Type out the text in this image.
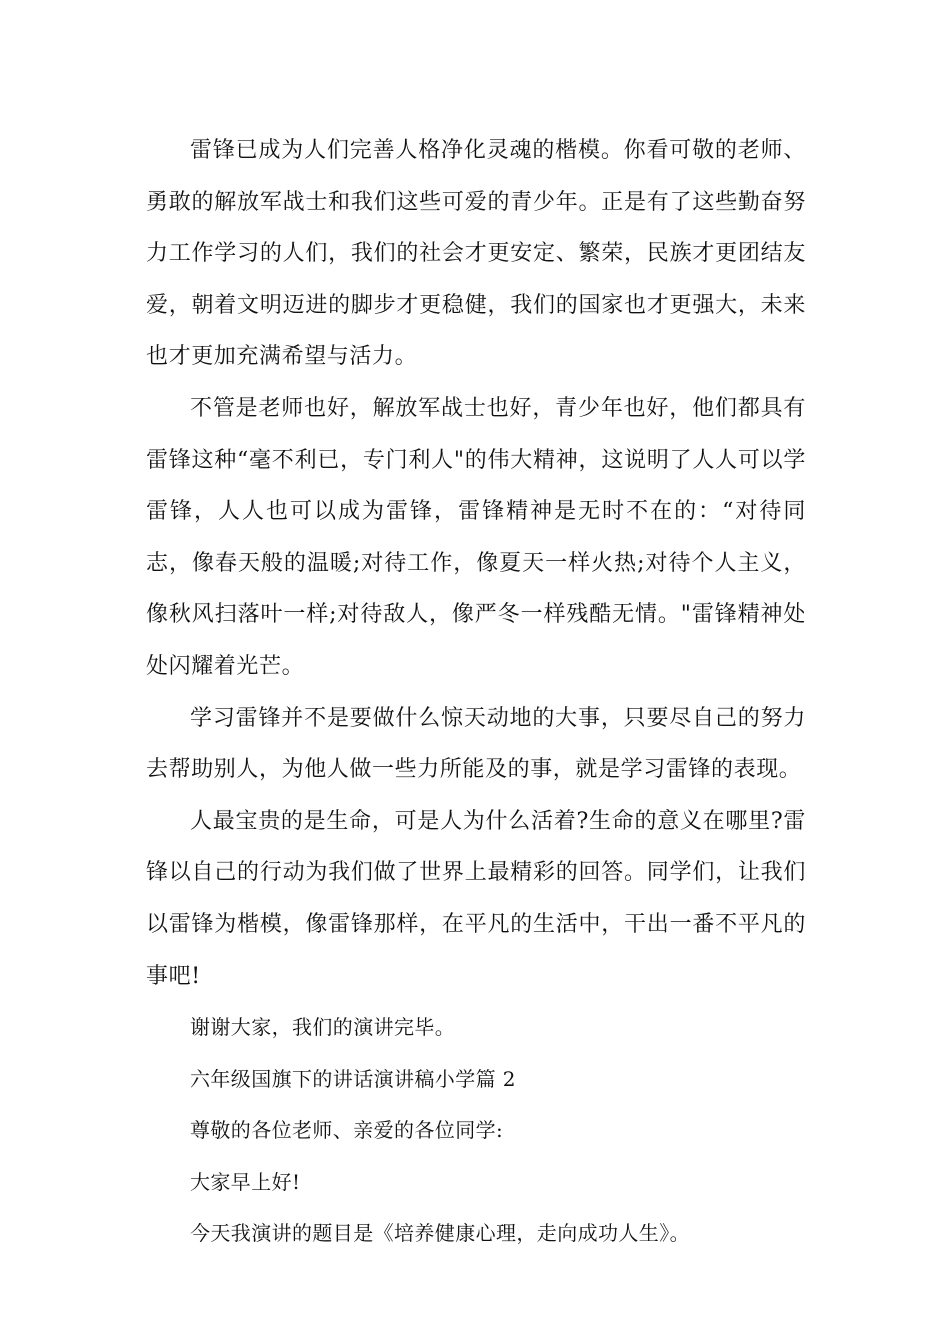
雷锋已成为人们完善人格净化灵魂的楷模。你看可敬的老师、勇敢的解放军战士和我们这些可爱的青少年。正是有了这些勤奋努力工作学习的人们，我们的社会才更安定、繁荣，民族才更团结友爱，朝着文明迈进的脚步才更稳健，我们的国家也才更强大，未来也才更加充满希望与活力。

不管是老师也好，解放军战士也好，青少年也好，他们都具有雷锋这种“毫不利已，专门利人"的伟大精神，这说明了人人可以学雷锋，人人也可以成为雷锋，雷锋精神是无时不在的：“对待同志，像春天般的温暖;对待工作，像夏天一样火热;对待个人主义，像秋风扫落叶一样;对待敌人，像严冬一样残酷无情。"雷锋精神处处闪耀着光芒。

学习雷锋并不是要做什么惊天动地的大事，只要尽自己的努力去帮助别人，为他人做一些力所能及的事，就是学习雷锋的表现。

人最宝贵的是生命，可是人为什么活着?生命的意义在哪里?雷锋以自己的行动为我们做了世界上最精彩的回答。同学们，让我们以雷锋为楷模，像雷锋那样，在平凡的生活中，干出一番不平凡的事吧!

谢谢大家，我们的演讲完毕。

六年级国旗下的讲话演讲稿小学篇 2

尊敬的各位老师、亲爱的各位同学:

大家早上好!

今天我演讲的题目是《培养健康心理，走向成功人生》。
